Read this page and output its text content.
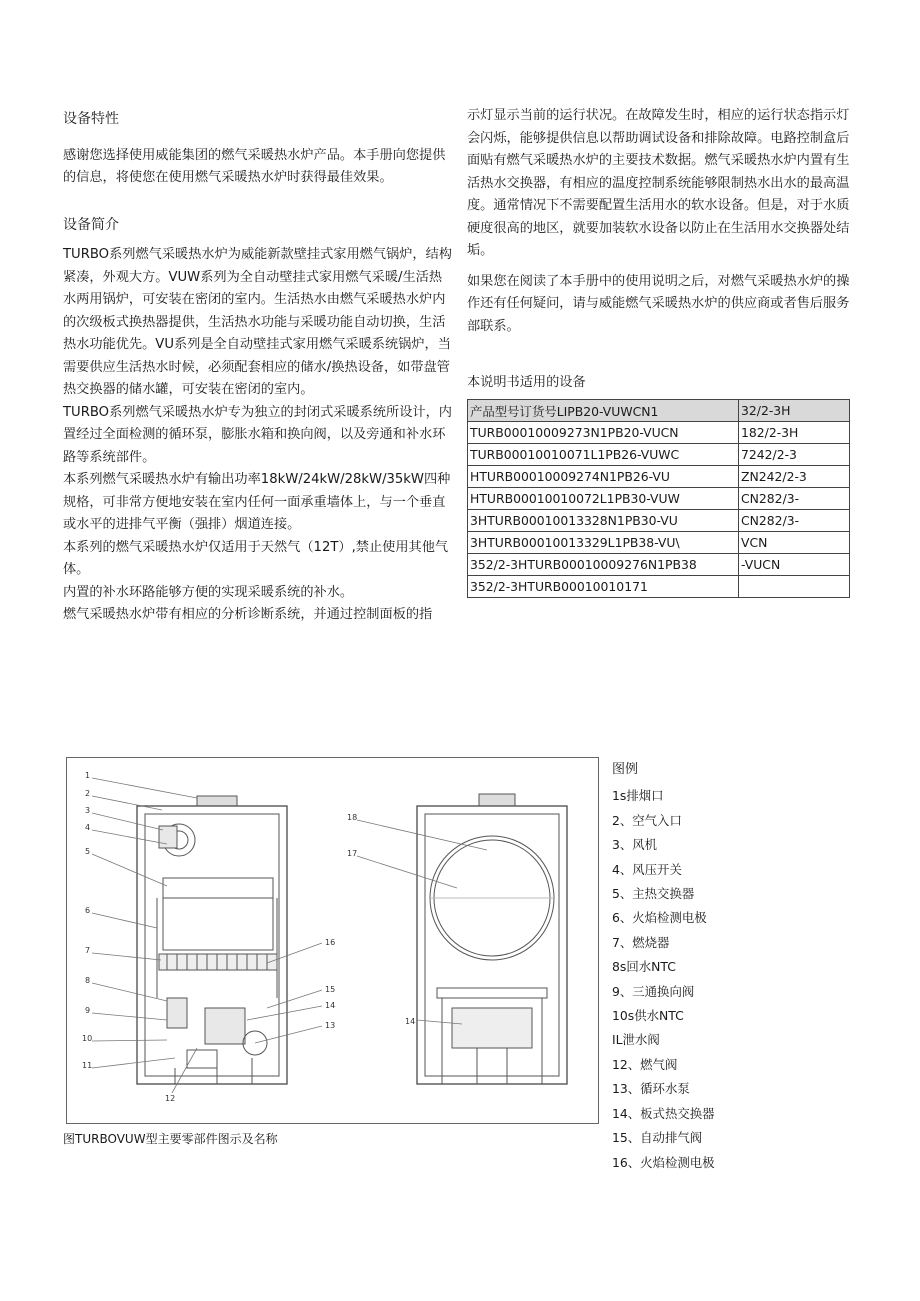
设备特性

感谢您选择使用威能集团的燃气采暖热水炉产品。本手册向您提供的信息，将使您在使用燃气采暖热水炉时获得最佳效果。

设备简介

TURBO系列燃气采暖热水炉为威能新款壁挂式家用燃气锅炉，结构紧凑，外观大方。VUW系列为全自动壁挂式家用燃气采暖/生活热水两用锅炉，可安装在密闭的室内。生活热水由燃气采暖热水炉内的次级板式换热器提供，生活热水功能与采暖功能自动切换，生活热水功能优先。VU系列是全自动壁挂式家用燃气采暖系统锅炉，当需要供应生活热水时候，必须配套相应的储水/换热设备，如带盘管热交换器的储水罐，可安装在密闭的室内。

TURBO系列燃气采暖热水炉专为独立的封闭式采暖系统所设计，内置经过全面检测的循环泵，膨胀水箱和换向阀，以及旁通和补水环路等系统部件。

本系列燃气采暖热水炉有输出功率18kW/24kW/28kW/35kW四种规格，可非常方便地安装在室内任何一面承重墙体上，与一个垂直或水平的进排气平衡（强排）烟道连接。

本系列的燃气采暖热水炉仅适用于天然气（12T）,禁止使用其他气体。

内置的补水环路能够方便的实现采暖系统的补水。

燃气采暖热水炉带有相应的分析诊断系统，并通过控制面板的指

示灯显示当前的运行状况。在故障发生时，相应的运行状态指示灯会闪烁，能够提供信息以帮助调试设备和排除故障。电路控制盒后面贴有燃气采暖热水炉的主要技术数据。燃气采暖热水炉内置有生活热水交换器，有相应的温度控制系统能够限制热水出水的最高温度。通常情况下不需要配置生活用水的软水设备。但是，对于水质硬度很高的地区，就要加装软水设备以防止在生活用水交换器处结垢。

如果您在阅读了本手册中的使用说明之后，对燃气采暖热水炉的操作还有任何疑问，请与威能燃气采暖热水炉的供应商或者售后服务部联系。

本说明书适用的设备

产品型号订货号LIPB20-VUWCN1	32/2-3H
TURB00010009273N1PB20-VUCN	182/2-3H
TURB00010010071L1PB26-VUWC	7242/2-3
HTURB00010009274N1PB26-VU	ZN242/2-3
HTURB00010010072L1PB30-VUW	CN282/3-
3HTURB00010013328N1PB30-VU	CN282/3-
3HTURB00010013329L1PB38-VU\	VCN
352/2-3HTURB00010009276N1PB38	-VUCN
352/2-3HTURB00010010171	
1
2
3
4
5
6
7
8
9
10
11
12
13
14
15
16
18
17
14
图TURBOVUW型主要零部件图示及名称
图例
1s排烟口
2、空气入口
3、风机
4、风压开关
5、主热交换器
6、火焰检测电极
7、燃烧器
8s回水NTC
9、三通换向阀
10s供水NTC
IL泄水阀
12、燃气阀
13、循环水泵
14、板式热交换器
15、自动排气阀
16、火焰检测电极
